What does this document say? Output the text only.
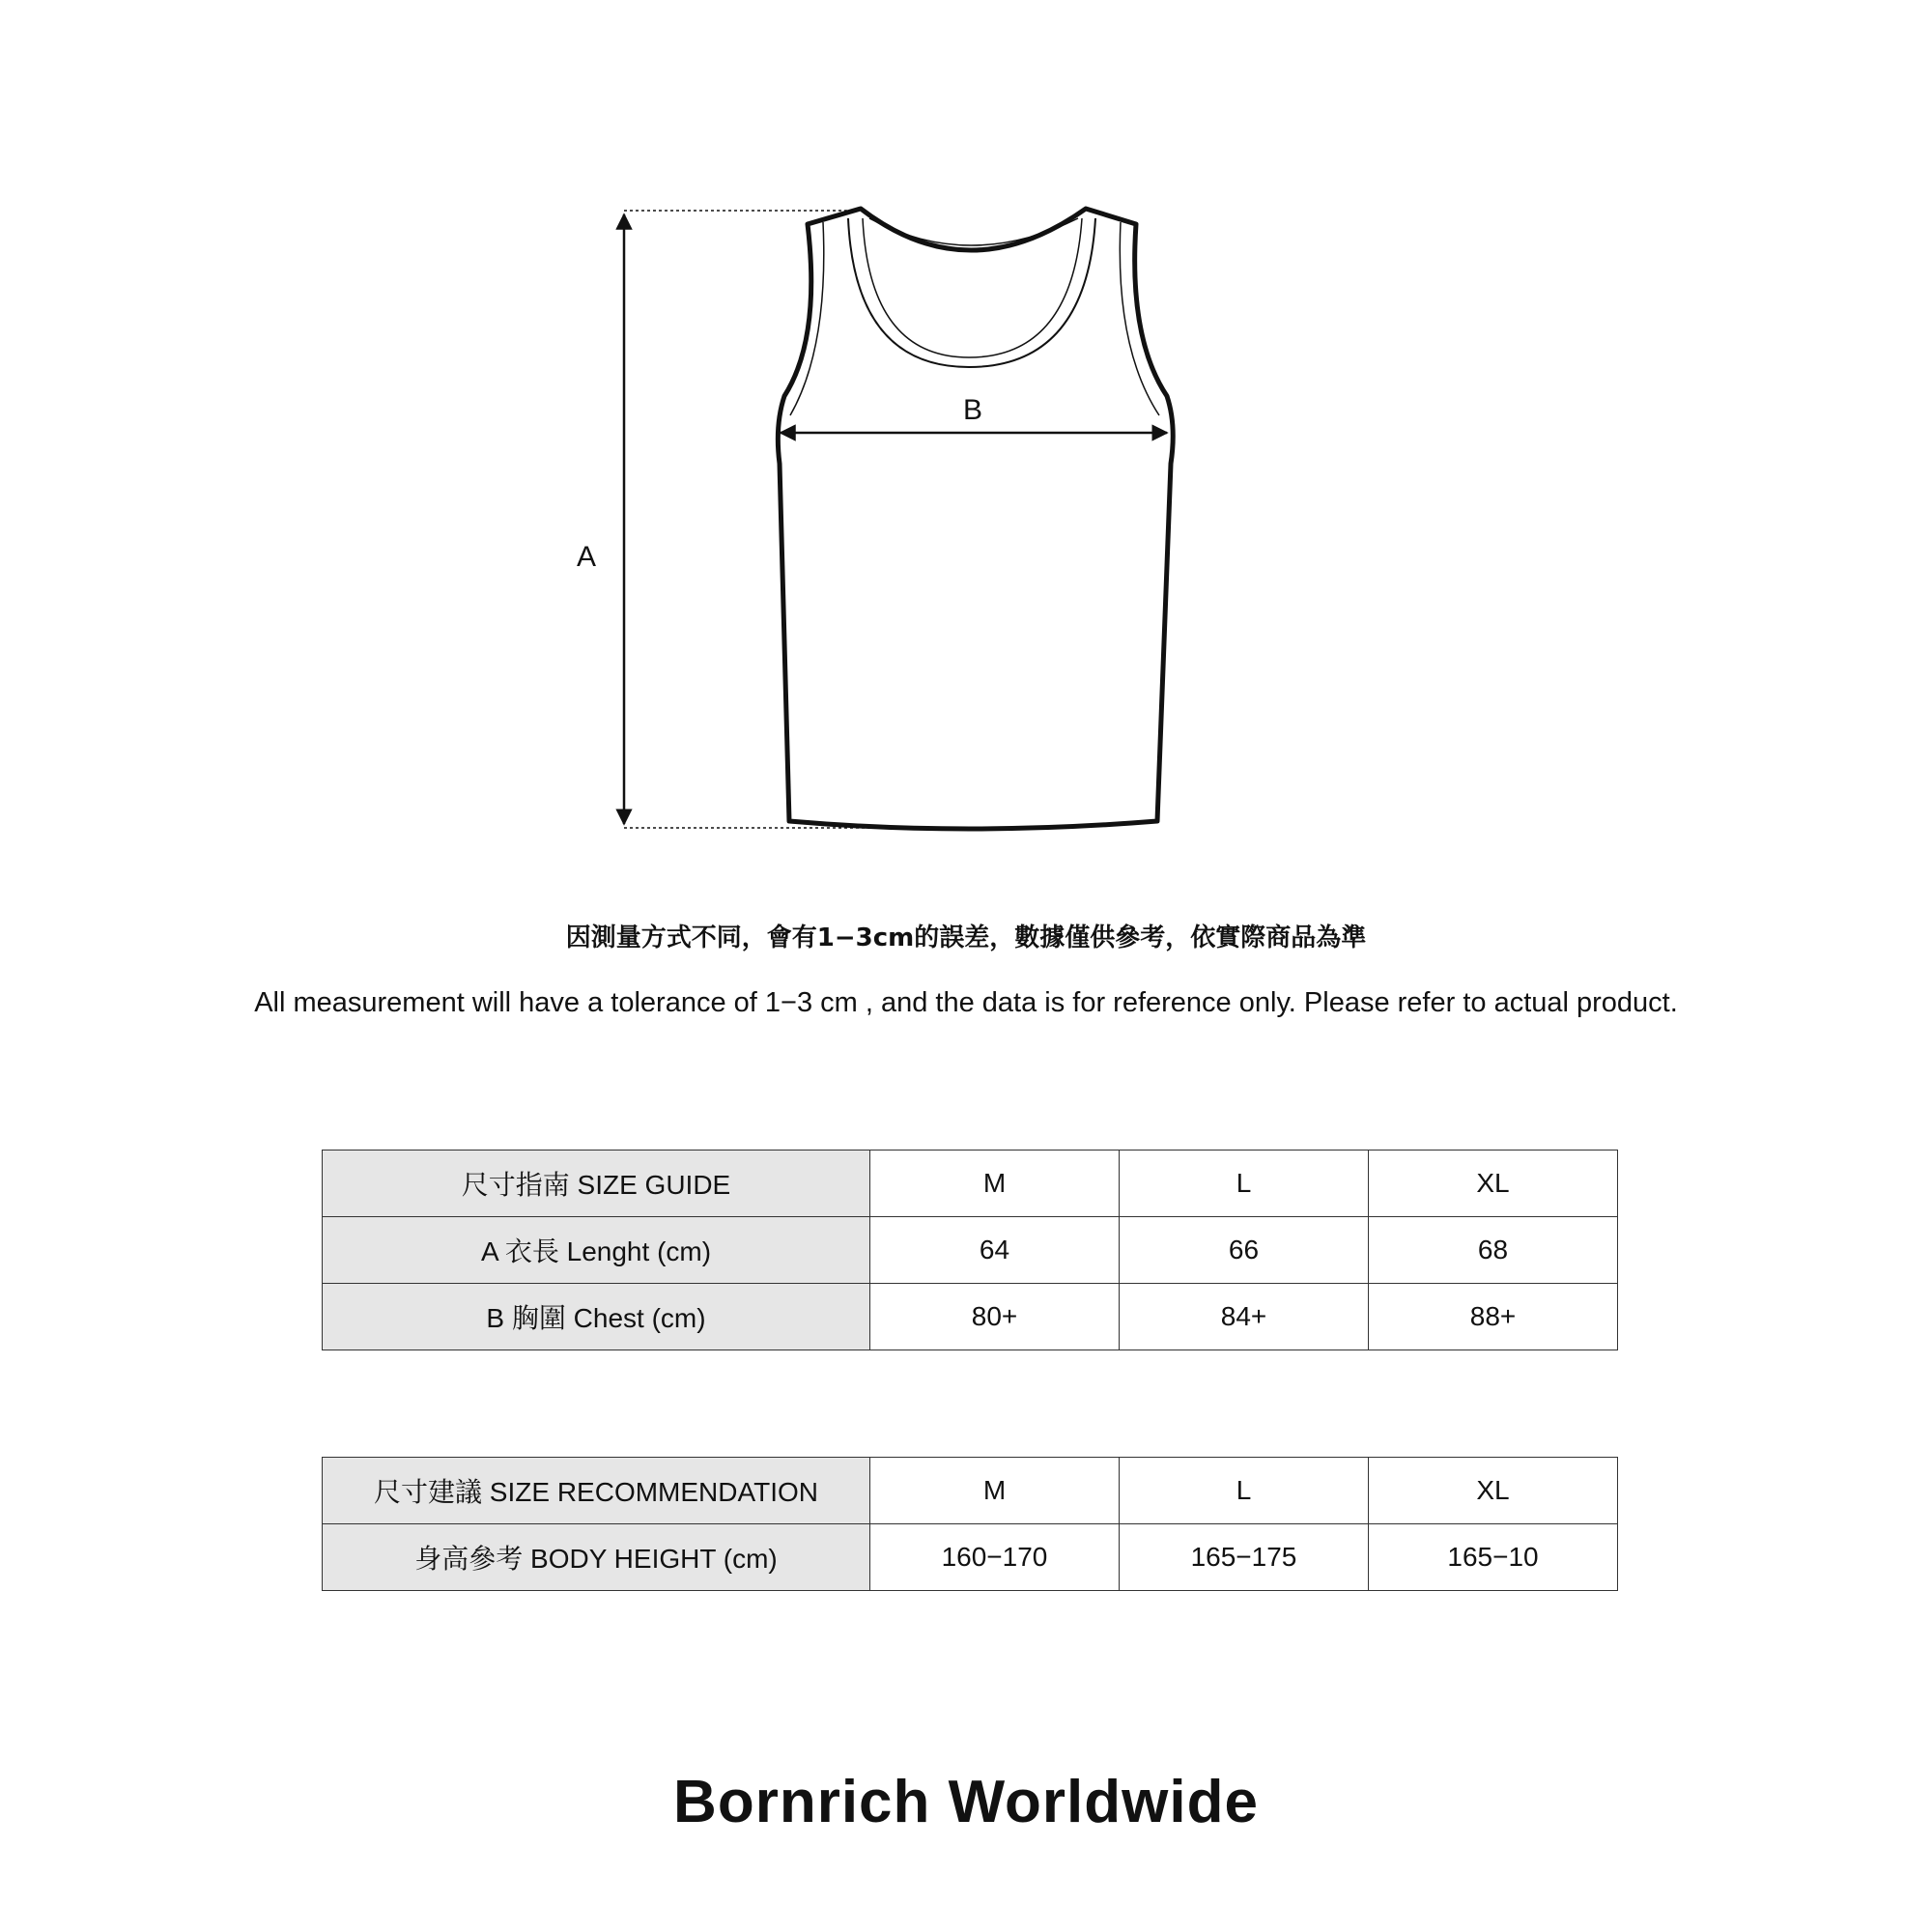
A
B
因測量方式不同，會有1−3cm的誤差，數據僅供參考，依實際商品為準
All measurement will have a tolerance of 1−3 cm , and the data is for reference only. Please refer to actual product.
尺寸指南 SIZE GUIDE	M	L	XL
A 衣長 Lenght (cm)	64	66	68
B 胸圍 Chest (cm)	80+	84+	88+
尺寸建議 SIZE RECOMMENDATION	M	L	XL
身高參考 BODY HEIGHT (cm)	160−170	165−175	165−10
Bornrich Worldwide
